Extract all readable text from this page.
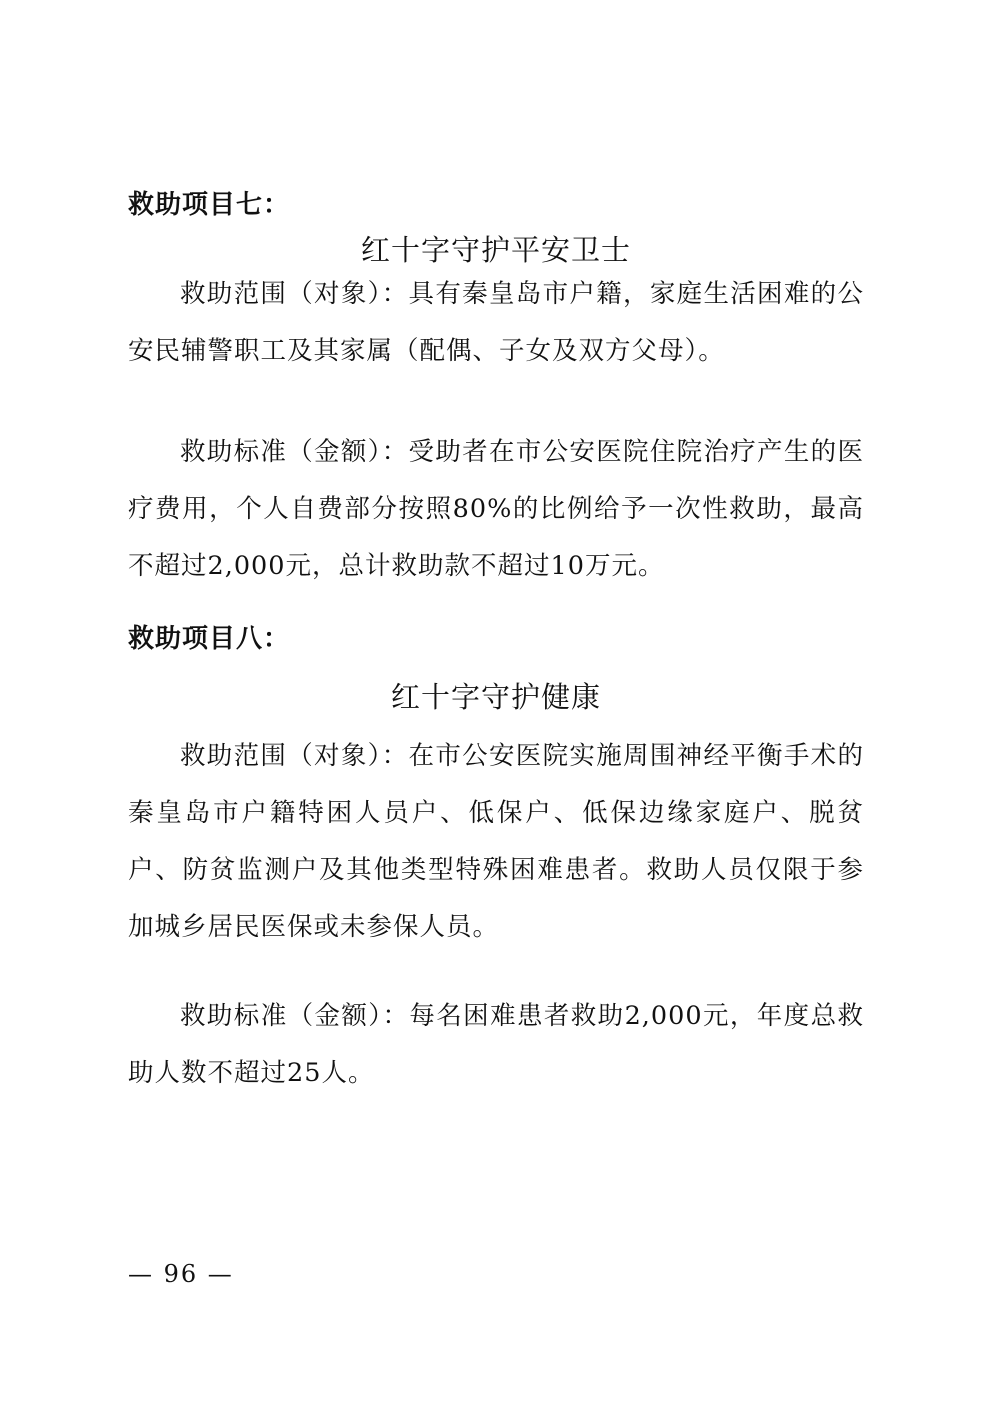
救助项目七：
红十字守护平安卫士
救助范围（对象）：具有秦皇岛市户籍，家庭生活困难的公安民辅警职工及其家属（配偶、子女及双方父母）。
救助标准（金额）：受助者在市公安医院住院治疗产生的医疗费用，个人自费部分按照80%的比例给予一次性救助，最高不超过2,000元，总计救助款不超过10万元。
救助项目八：
红十字守护健康
救助范围（对象）：在市公安医院实施周围神经平衡手术的秦皇岛市户籍特困人员户、低保户、低保边缘家庭户、脱贫户、防贫监测户及其他类型特殊困难患者。救助人员仅限于参加城乡居民医保或未参保人员。
救助标准（金额）：每名困难患者救助2,000元，年度总救助人数不超过25人。
— 96 —
